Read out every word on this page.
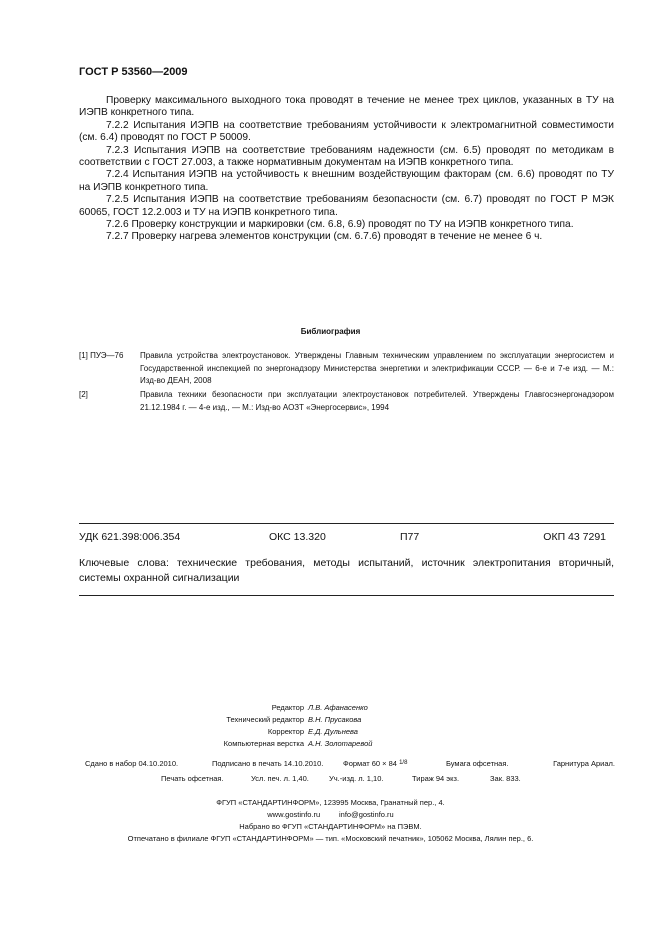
ГОСТ Р 53560—2009

Проверку максимального выходного тока проводят в течение не менее трех циклов, указанных в ТУ на ИЭПВ конкретного типа.

7.2.2 Испытания ИЭПВ на соответствие требованиям устойчивости к электромагнитной совместимости (см. 6.4) проводят по ГОСТ Р 50009.

7.2.3 Испытания ИЭПВ на соответствие требованиям надежности (см. 6.5) проводят по методикам в соответствии с ГОСТ 27.003, а также нормативным документам на ИЭПВ конкретного типа.

7.2.4 Испытания ИЭПВ на устойчивость к внешним воздействующим факторам (см. 6.6) проводят по ТУ на ИЭПВ конкретного типа.

7.2.5 Испытания ИЭПВ на соответствие требованиям безопасности (см. 6.7) проводят по ГОСТ Р МЭК 60065, ГОСТ 12.2.003 и ТУ на ИЭПВ конкретного типа.

7.2.6 Проверку конструкции и маркировки (см. 6.8, 6.9) проводят по ТУ на ИЭПВ конкретного типа.

7.2.7 Проверку нагрева элементов конструкции (см. 6.7.6) проводят в течение не менее 6 ч.

Библиография
[1] ПУЭ—76	Правила устройства электроустановок. Утверждены Главным техническим управлением по эксплуатации энергосистем и Государственной инспекцией по энергонадзору Министерства энергетики и электрификации СССР. — 6-е и 7-е изд. — М.: Изд-во ДЕАН, 2008
[2]	Правила техники безопасности при эксплуатации электроустановок потребителей. Утверждены Главгосэнергонадзором 21.12.1984 г. — 4-е изд., — М.: Изд-во АОЗТ «Энергосервис», 1994
УДК 621.398:006.354	ОКС 13.320	П77	ОКП 43 7291
Ключевые слова: технические требования, методы испытаний, источник электропитания вторичный, системы охранной сигнализации
Редактор Л.В. Афанасенко
Технический редактор В.Н. Прусакова
Корректор Е.Д. Дульнева
Компьютерная верстка А.Н. Золотаревой
Сдано в набор 04.10.2010.	Подписано в печать 14.10.2010.	Формат 60 × 84 $^{1/8}$	Бумага офсетная.	Гарнитура Ариал.
Печать офсетная.	Усл. печ. л. 1,40.	Уч.-изд. л. 1,10.	Тираж 94 экз.	Зак. 833.
ФГУП «СТАНДАРТИНФОРМ», 123995 Москва, Гранатный пер., 4.
www.gostinfo.ru	info@gostinfo.ru
Набрано во ФГУП «СТАНДАРТИНФОРМ» на ПЭВМ.
Отпечатано в филиале ФГУП «СТАНДАРТИНФОРМ» — тип. «Московский печатник», 105062 Москва, Лялин пер., 6.
